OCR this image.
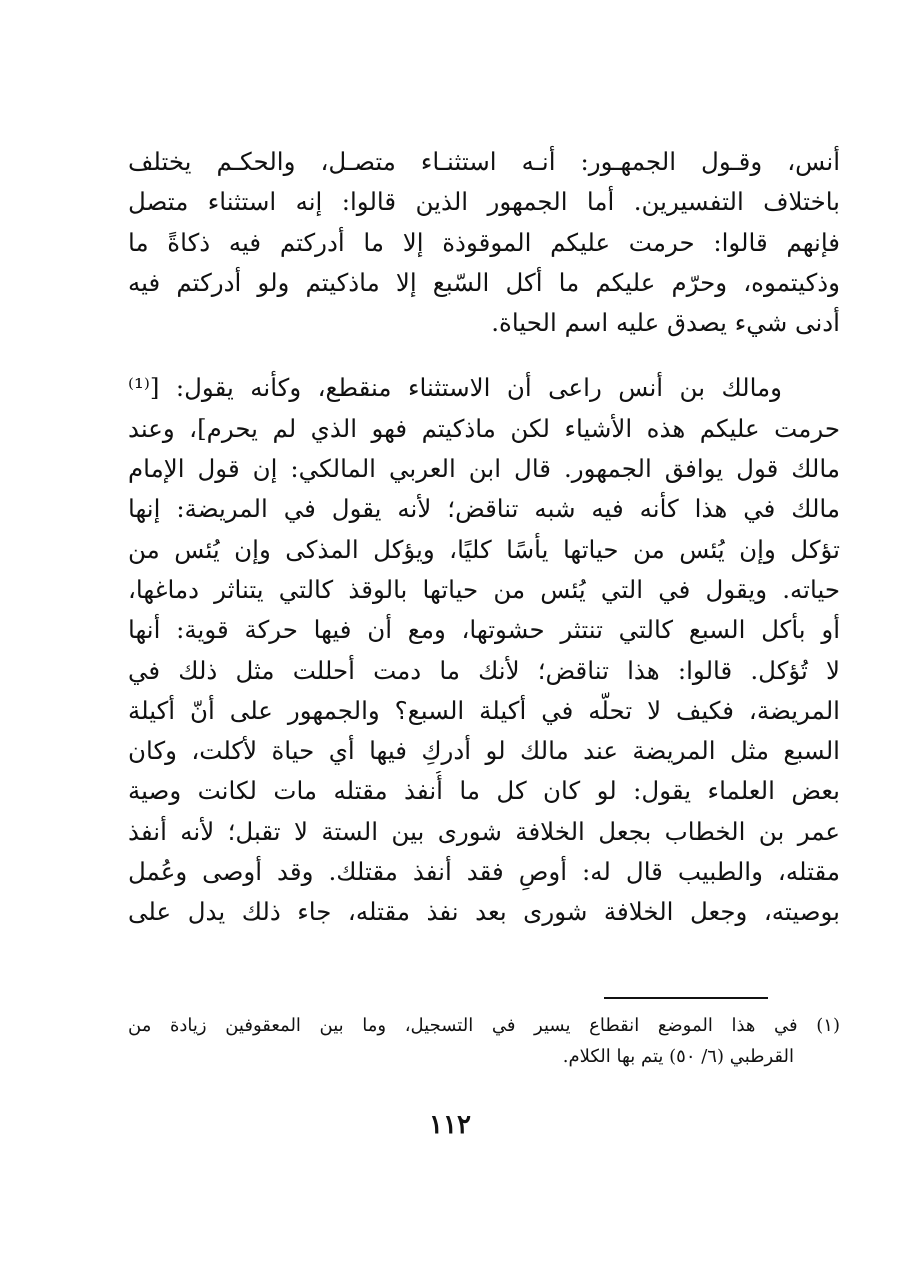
أنس، وقـول الجمهـور: أنـه استثنـاء متصـل، والحكـم يختلف
باختلاف التفسيرين. أما الجمهور الذين قالوا: إنه استثناء متصل
فإنهم قالوا: حرمت عليكم الموقوذة إلا ما أدركتم فيه ذكاةً ما
وذكيتموه، وحرّم عليكم ما أكل السّبع إلا ماذكيتم ولو أدركتم فيه
أدنى شيء يصدق عليه اسم الحياة.
ومالك بن أنس راعى أن الاستثناء منقطع، وكأنه يقول: [⁽¹⁾
حرمت عليكم هذه الأشياء لكن ماذكيتم فهو الذي لم يحرم]، وعند
مالك قول يوافق الجمهور. قال ابن العربي المالكي: إن قول الإمام
مالك في هذا كأنه فيه شبه تناقض؛ لأنه يقول في المريضة: إنها
تؤكل وإن يُئس من حياتها يأسًا كليًا، ويؤكل المذكى وإن يُئس من
حياته. ويقول في التي يُئس من حياتها بالوقذ كالتي يتناثر دماغها،
أو بأكل السبع كالتي تنتثر حشوتها، ومع أن فيها حركة قوية: أنها
لا تُؤكل. قالوا: هذا تناقض؛ لأنك ما دمت أحللت مثل ذلك في
المريضة، فكيف لا تحلّه في أكيلة السبع؟ والجمهور على أنّ أكيلة
السبع مثل المريضة عند مالك لو أدركِ فيها أي حياة لأكلت، وكان
بعض العلماء يقول: لو كان كل ما أُنفذ مقتله مات لكانت وصية
عمر بن الخطاب بجعل الخلافة شورى بين الستة لا تقبل؛ لأنه أنفذ
مقتله، والطبيب قال له: أوصِ فقد أنفذ مقتلك. وقد أوصى وعُمل
بوصيته، وجعل الخلافة شورى بعد نفذ مقتله، جاء ذلك يدل على
(١) في هذا الموضع انقطاع يسير في التسجيل، وما بين المعقوفين زيادة من
القرطبي (٦/ ٥٠) يتم بها الكلام.
١١٢
